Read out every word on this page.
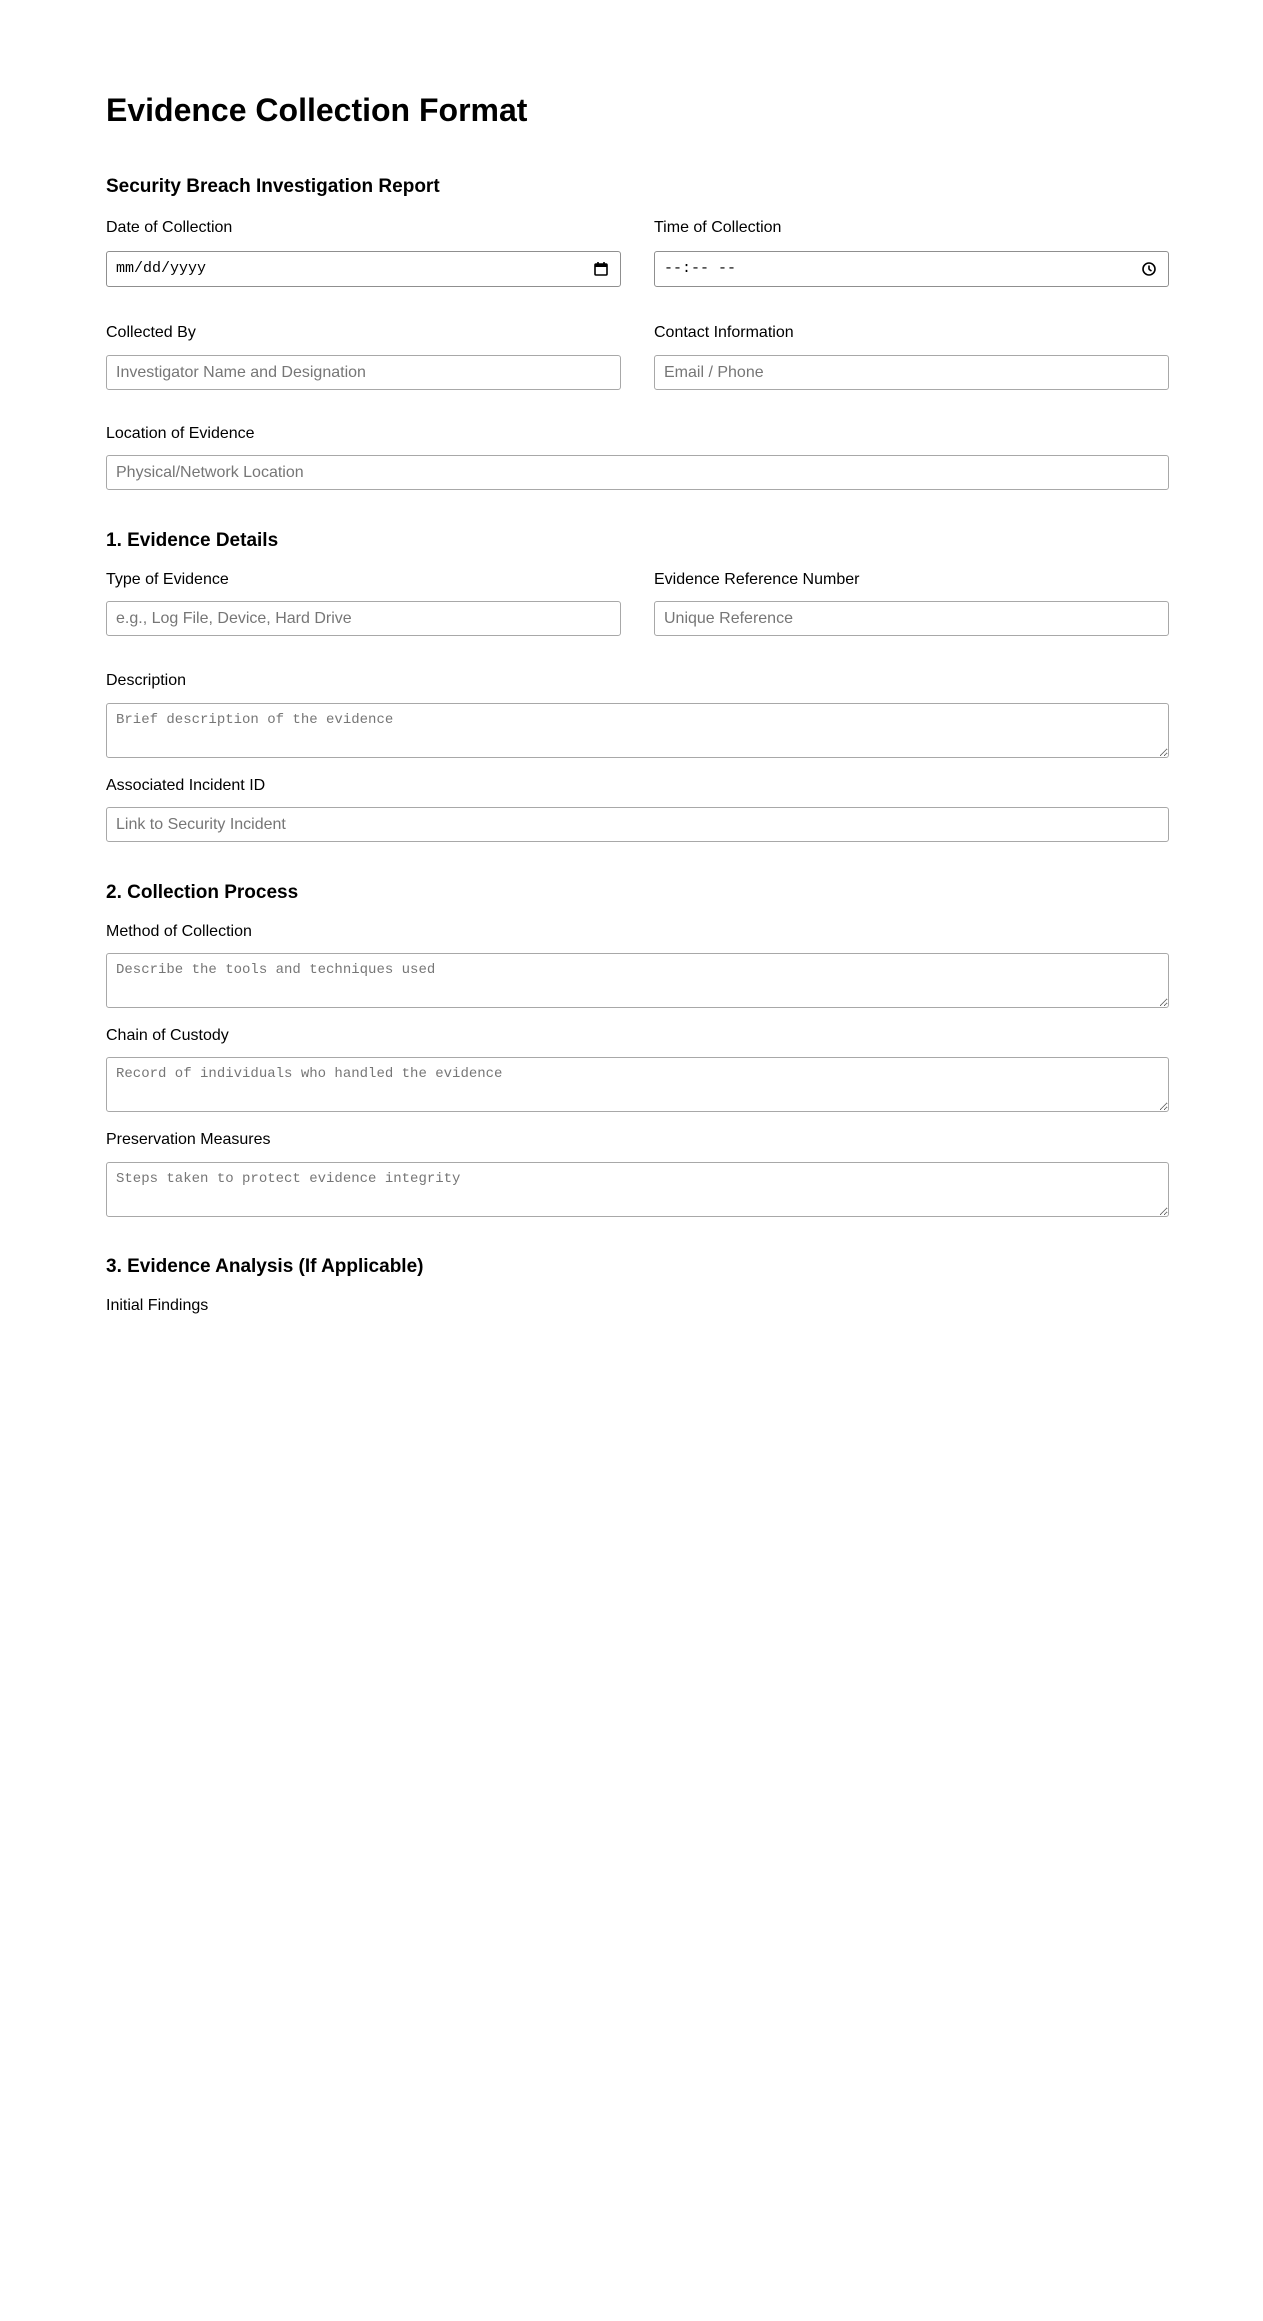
Evidence Collection Format
Security Breach Investigation Report
Date of Collection
mm/dd/yyyy
Time of Collection
--:-- --
Collected By
Investigator Name and Designation	Contact Information
Email / Phone
Location of Evidence
Physical/Network Location
1. Evidence Details
Type of Evidence
e.g., Log File, Device, Hard Drive	Evidence Reference Number
Unique Reference
Description
Brief description of the evidence
Associated Incident ID
Link to Security Incident
2. Collection Process
Method of Collection
Describe the tools and techniques used
Chain of Custody
Record of individuals who handled the evidence
Preservation Measures
Steps taken to protect evidence integrity
3. Evidence Analysis (If Applicable)
Initial Findings
